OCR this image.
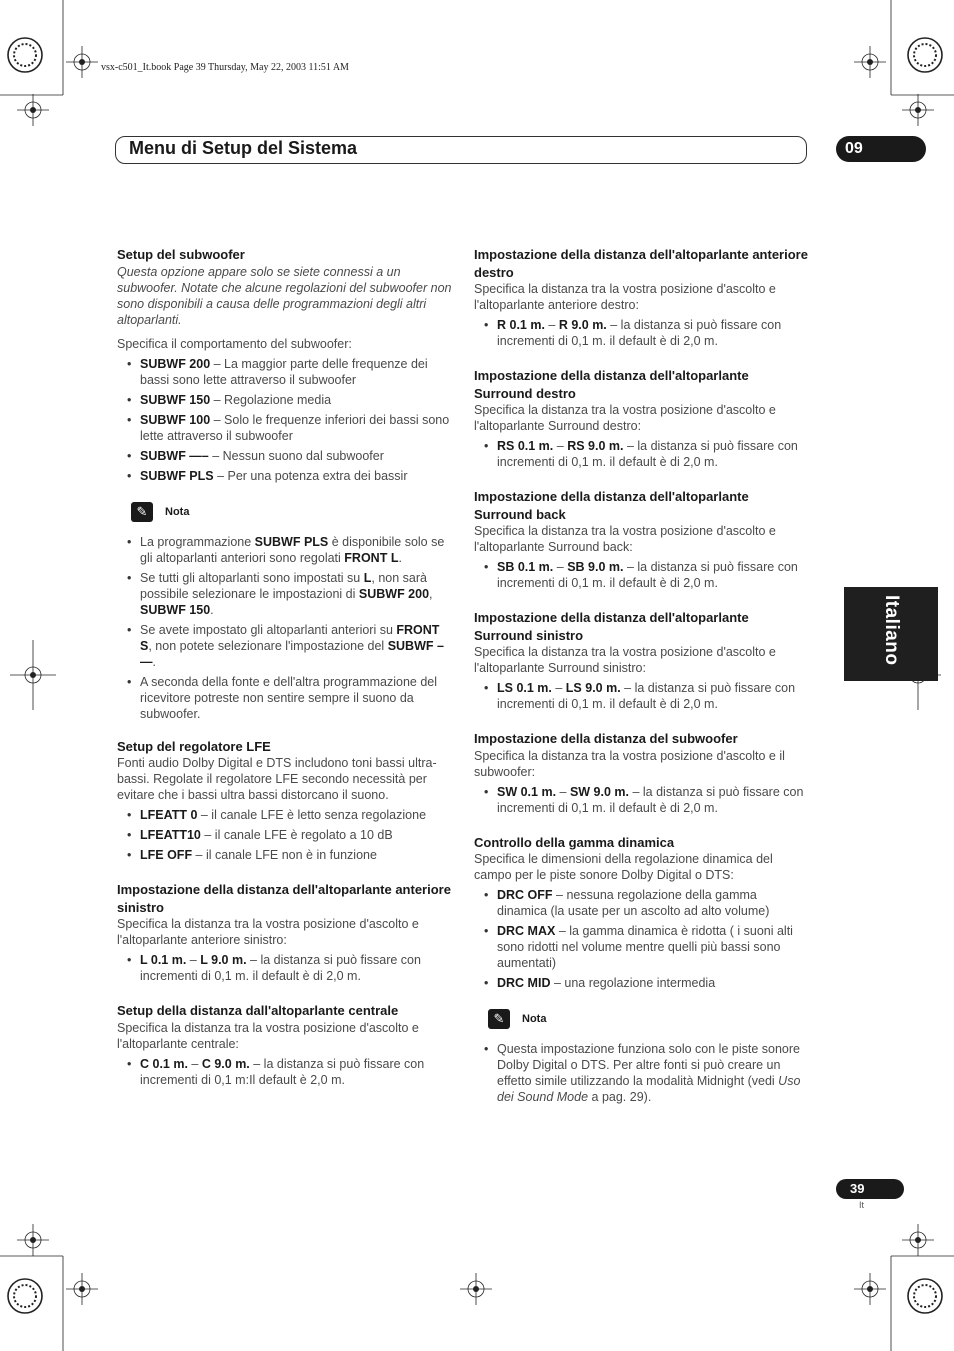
vsx-c501_It.book Page 39 Thursday, May 22, 2003 11:51 AM
Menu di Setup del Sistema	09
Italiano
Setup del subwoofer

Questa opzione appare solo se siete connessi a un subwoofer. Notate che alcune regolazioni del subwoofer non sono disponibili a causa delle programmazioni degli altri altoparlanti.

Specifica il comportamento del subwoofer:

• SUBWF 200 – La maggior parte delle frequenze dei bassi sono lette attraverso il subwoofer
• SUBWF 150 – Regolazione media
• SUBWF 100 – Solo le frequenze inferiori dei bassi sono lette attraverso il subwoofer
• SUBWF —– – Nessun suono dal subwoofer
• SUBWF PLS – Per una potenza extra dei bassir
✎	Nota
• La programmazione SUBWF PLS è disponibile solo se gli altoparlanti anteriori sono regolati FRONT L.
• Se tutti gli altoparlanti sono impostati su L, non sarà possibile selezionare le impostazioni di SUBWF 200, SUBWF 150.
• Se avete impostato gli altoparlanti anteriori su FRONT S, non potete selezionare l'impostazione del SUBWF –—.
• A seconda della fonte e dell'altra programmazione del ricevitore potreste non sentire sempre il suono da subwoofer.
Setup del regolatore LFE

Fonti audio Dolby Digital e DTS includono toni bassi ultra-bassi. Regolate il regolatore LFE secondo necessità per evitare che i bassi ultra bassi distorcano il suono.

• LFEATT 0 – il canale LFE è letto senza regolazione
• LFEATT10 – il canale LFE è regolato a 10 dB
• LFE OFF – il canale LFE non è in funzione
Impostazione della distanza dell'altoparlante anteriore sinistro

Specifica la distanza tra la vostra posizione d'ascolto e l'altoparlante anteriore sinistro:

• L 0.1 m. – L 9.0 m. – la distanza si può fissare con incrementi di 0,1 m. il default è di 2,0 m.
Setup della distanza dall'altoparlante centrale

Specifica la distanza tra la vostra posizione d'ascolto e l'altoparlante centrale:

• C 0.1 m. – C 9.0 m. – la distanza si può fissare con incrementi di 0,1 m:Il default è 2,0 m.
Impostazione della distanza dell'altoparlante anteriore destro

Specifica la distanza tra la vostra posizione d'ascolto e l'altoparlante anteriore destro:

• R 0.1 m. – R 9.0 m. – la distanza si può fissare con incrementi di 0,1 m. il default è di 2,0 m.
Impostazione della distanza dell'altoparlante Surround destro

Specifica la distanza tra la vostra posizione d'ascolto e l'altoparlante Surround destro:

• RS 0.1 m. – RS 9.0 m. – la distanza si può fissare con incrementi di 0,1 m. il default è di 2,0 m.
Impostazione della distanza dell'altoparlante Surround back

Specifica la distanza tra la vostra posizione d'ascolto e l'altoparlante Surround back:

• SB 0.1 m. – SB 9.0 m. – la distanza si può fissare con incrementi di 0,1 m. il default è di 2,0 m.
Impostazione della distanza dell'altoparlante Surround sinistro

Specifica la distanza tra la vostra posizione d'ascolto e l'altoparlante Surround sinistro:

• LS 0.1 m. – LS 9.0 m. – la distanza si può fissare con incrementi di 0,1 m. il default è di 2,0 m.
Impostazione della distanza del subwoofer

Specifica la distanza tra la vostra posizione d'ascolto e il subwoofer:

• SW 0.1 m. – SW 9.0 m. – la distanza si può fissare con incrementi di 0,1 m. il default è di 2,0 m.
Controllo della gamma dinamica

Specifica le dimensioni della regolazione dinamica del campo per le piste sonore Dolby Digital o DTS:

• DRC OFF – nessuna regolazione della gamma dinamica (la usate per un ascolto ad alto volume)
• DRC MAX – la gamma dinamica è ridotta ( i suoni alti sono ridotti nel volume mentre quelli più bassi sono aumentati)
• DRC MID – una regolazione intermedia
✎	Nota
• Questa impostazione funziona solo con le piste sonore Dolby Digital o DTS. Per altre fonti si può creare un effetto simile utilizzando la modalità Midnight (vedi Uso dei Sound Mode a pag. 29).
39
It
